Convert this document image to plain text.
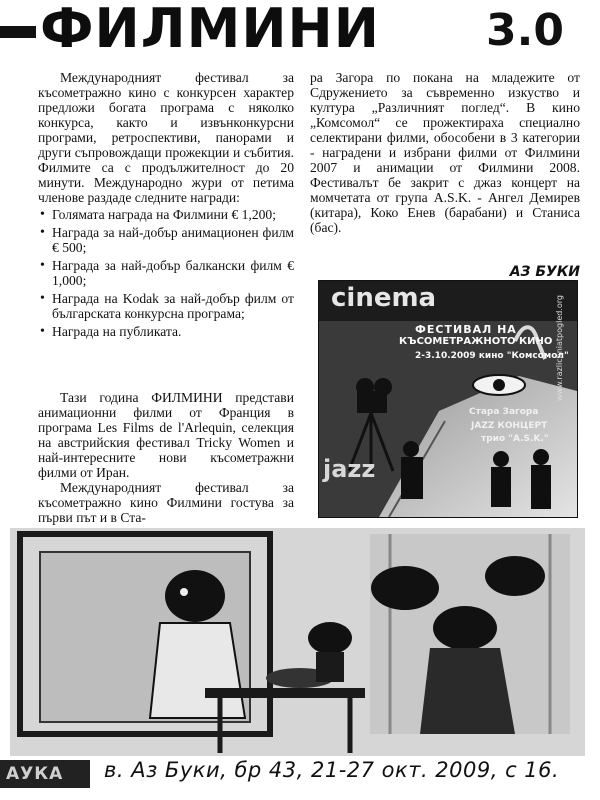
ФИЛМИНИ 3.0

Международният фестивал за късометражно кино с конкурсен характер предложи богата програма с няколко конкурса, както и извънконкурсни програми, ретроспективи, панорами и други съпровождащи прожекции и събития. Филмите са с продължителност до 20 минути. Международно жури от петима членове раздаде следните награди:

• Голямата награда на Филмини € 1,200;
• Награда за най-добър анимационен филм € 500;
• Награда за най-добър балкански филм € 1,000;
• Награда на Kodak за най-добър филм от българската конкурсна програма;
• Награда на публиката.

Тази година ФИЛМИНИ представи анимационни филми от Франция в програма Les Films de l'Arlequin, селекция на австрийския фестивал Tricky Women и най-интересните нови късометражни филми от Иран.

Международният фестивал за късометражно кино Филмини гостува за първи път и в Ста-

ра Загора по покана на младежите от Сдружението за съвременно изкуство и култура „Различният поглед“. В кино „Комсомол“ се прожектираха специално селектирани филми, обособени в 3 категории - наградени и избрани филми от Филмини 2007 и анимации от Филмини 2008. Фестивалът бе закрит с джаз концерт на момчетата от група A.S.K. - Ангел Демирев (китара), Коко Енев (барабани) и Станиса (бас).

АЗ БУКИ
cinema	www.razlichniatpogled.org
ФЕСТИВАЛ НА
КЪСОМЕТРАЖНОТО КИНО
2-3.10.2009 кино "Комсомол"
Стара Загора
JAZZ КОНЦЕРТ
трио "A.S.K."
jazz
АУКА в. Аз Буки, бр 43, 21-27 окт. 2009, с 16.
